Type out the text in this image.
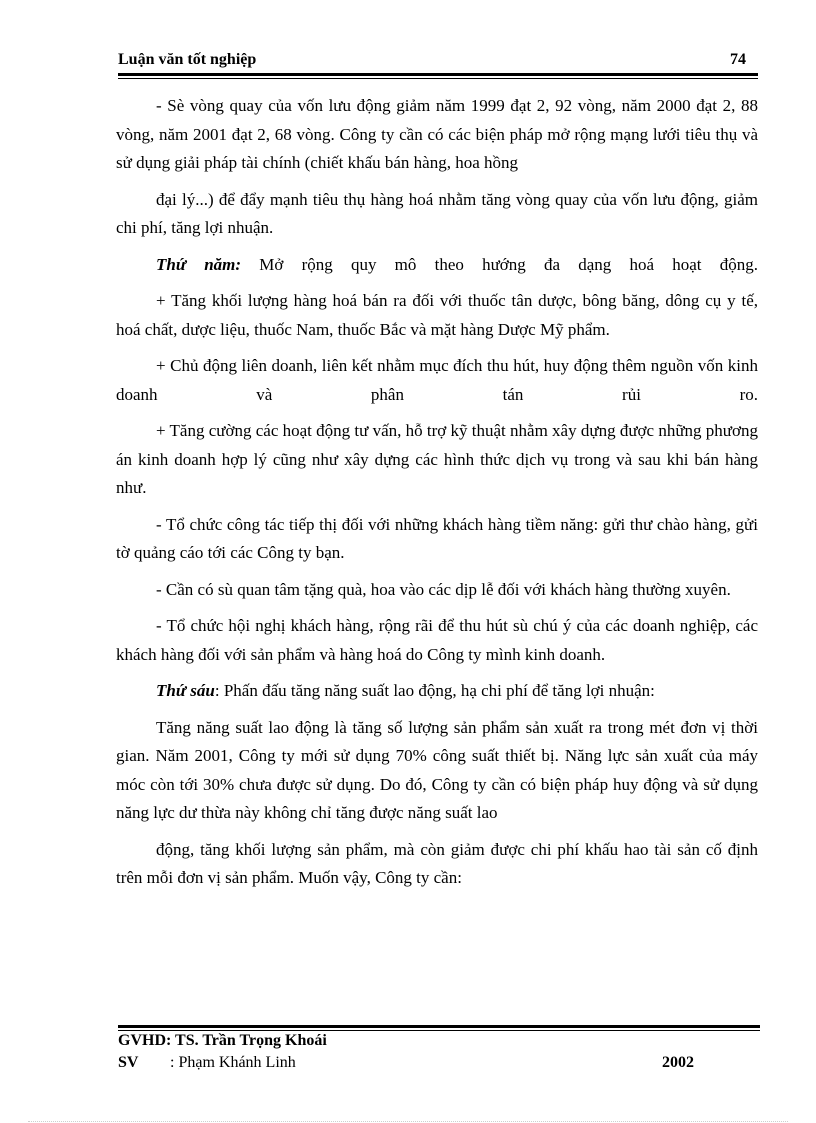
Luận văn tốt nghiệp	74

- Sè vòng quay của vốn lưu động giảm năm 1999 đạt 2, 92 vòng, năm 2000 đạt 2, 88 vòng, năm 2001 đạt 2, 68 vòng. Công ty cần có các biện pháp mở rộng mạng lưới tiêu thụ và sử dụng giải pháp tài chính (chiết khấu bán hàng, hoa hồng

đại lý...) để đẩy mạnh tiêu thụ hàng hoá nhằm tăng vòng quay của vốn lưu động, giảm chi phí, tăng lợi nhuận.

Thứ năm: Mở rộng quy mô theo hướng đa dạng hoá hoạt động.

+ Tăng khối lượng hàng hoá bán ra đối với thuốc tân dược, bông băng, dông cụ y tế, hoá chất, dược liệu, thuốc Nam, thuốc Bắc và mặt hàng Dược Mỹ phẩm.

+ Chủ động liên doanh, liên kết nhằm mục đích thu hút, huy động thêm nguồn vốn kinh doanh và phân tán rủi ro.

+ Tăng cường các hoạt động tư vấn, hỗ trợ kỹ thuật nhằm xây dựng được những phương án kinh doanh hợp lý cũng như xây dựng các hình thức dịch vụ trong và sau khi bán hàng như.

- Tổ chức công tác tiếp thị đối với những khách hàng tiềm năng: gửi thư chào hàng, gửi tờ quảng cáo tới các Công ty bạn.

- Cần có sù quan tâm tặng quà, hoa vào các dịp lễ đối với khách hàng thường xuyên.

- Tổ chức hội nghị khách hàng, rộng rãi để thu hút sù chú ý của các doanh nghiệp, các khách hàng đối với sản phẩm và hàng hoá do Công ty mình kinh doanh.

Thứ sáu: Phấn đấu tăng năng suất lao động, hạ chi phí để tăng lợi nhuận:

Tăng năng suất lao động là tăng số lượng sản phẩm sản xuất ra trong mét đơn vị thời gian. Năm 2001, Công ty mới sử dụng 70% công suất thiết bị. Năng lực sản xuất của máy móc còn tới 30% chưa được sử dụng. Do đó, Công ty cần có biện pháp huy động và sử dụng năng lực dư thừa này không chỉ tăng được năng suất lao

động, tăng khối lượng sản phẩm, mà còn giảm được chi phí khấu hao tài sản cố định trên mỗi đơn vị sản phẩm. Muốn vậy, Công ty cần:

GVHD: TS. Trần Trọng Khoái
SV : Phạm Khánh Linh	2002
